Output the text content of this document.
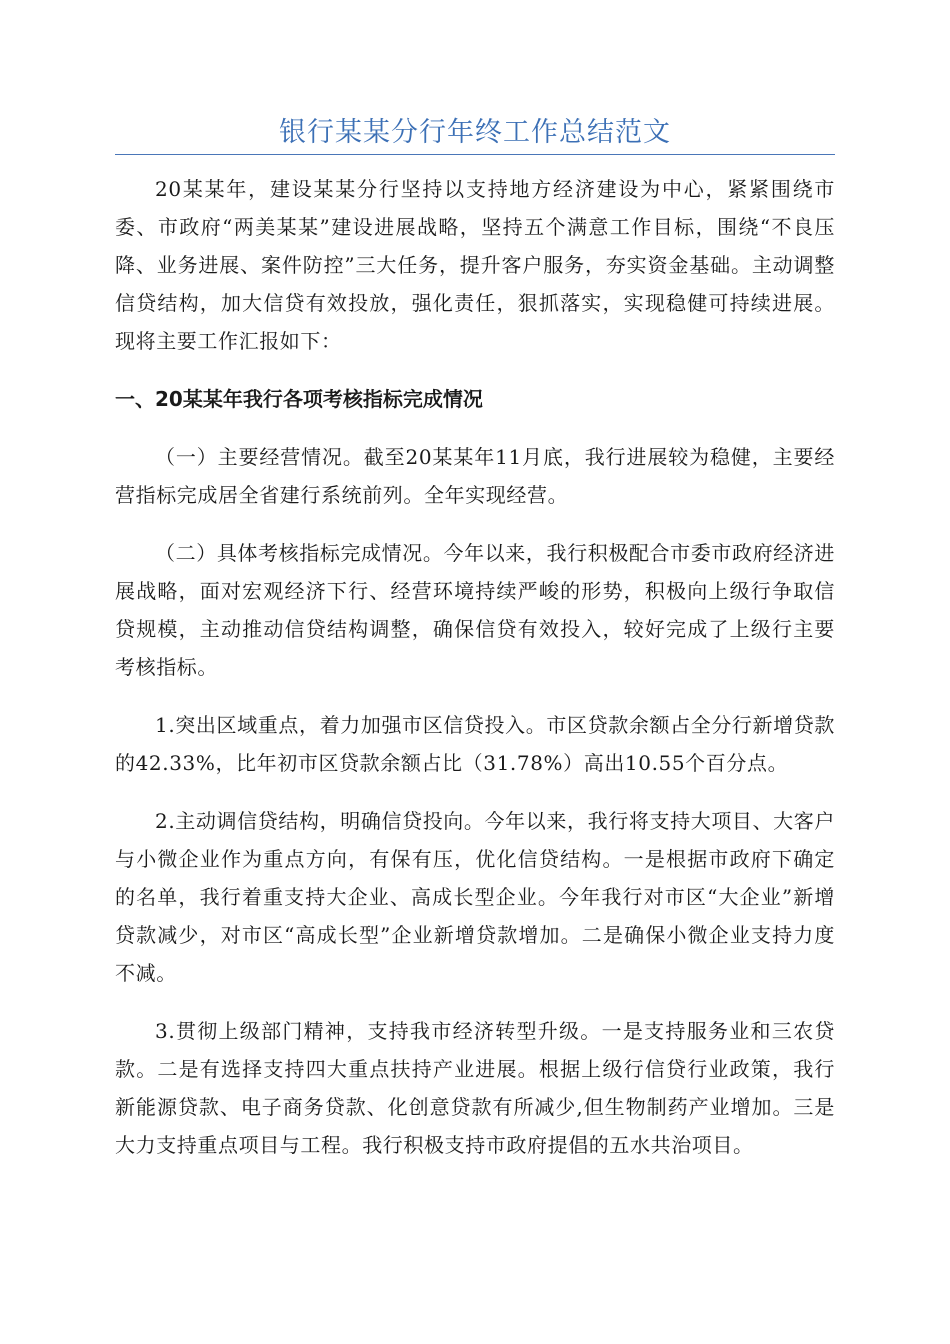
银行某某分行年终工作总结范文

20某某年，建设某某分行坚持以支持地方经济建设为中心，紧紧围绕市委、市政府“两美某某”建设进展战略，坚持五个满意工作目标，围绕“不良压降、业务进展、案件防控”三大任务，提升客户服务，夯实资金基础。主动调整信贷结构，加大信贷有效投放，强化责任，狠抓落实，实现稳健可持续进展。现将主要工作汇报如下：

一、20某某年我行各项考核指标完成情况

（一）主要经营情况。截至20某某年11月底，我行进展较为稳健，主要经营指标完成居全省建行系统前列。全年实现经营。

（二）具体考核指标完成情况。今年以来，我行积极配合市委市政府经济进展战略，面对宏观经济下行、经营环境持续严峻的形势，积极向上级行争取信贷规模，主动推动信贷结构调整，确保信贷有效投入，较好完成了上级行主要考核指标。

1.突出区域重点，着力加强市区信贷投入。市区贷款余额占全分行新增贷款的42.33%，比年初市区贷款余额占比（31.78%）高出10.55个百分点。

2.主动调信贷结构，明确信贷投向。今年以来，我行将支持大项目、大客户与小微企业作为重点方向，有保有压，优化信贷结构。一是根据市政府下确定的名单，我行着重支持大企业、高成长型企业。今年我行对市区“大企业”新增贷款减少，对市区“高成长型”企业新增贷款增加。二是确保小微企业支持力度不减。

3.贯彻上级部门精神，支持我市经济转型升级。一是支持服务业和三农贷款。二是有选择支持四大重点扶持产业进展。根据上级行信贷行业政策，我行新能源贷款、电子商务贷款、化创意贷款有所减少,但生物制药产业增加。三是大力支持重点项目与工程。我行积极支持市政府提倡的五水共治项目。
